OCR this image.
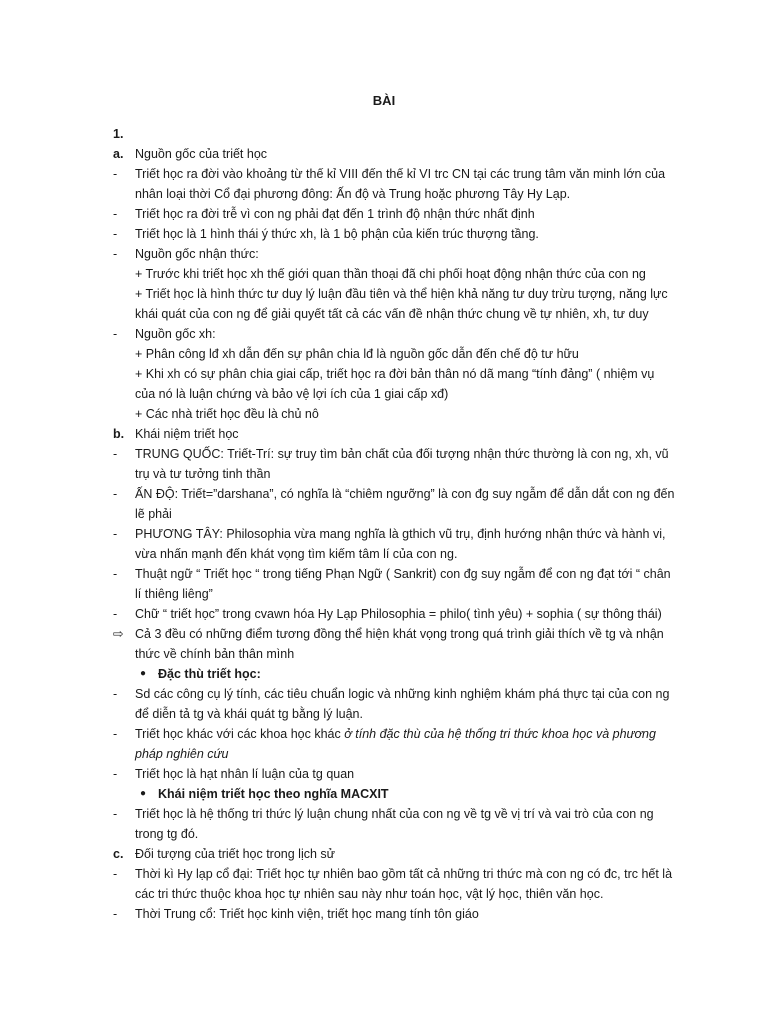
BÀI
1.
a. Nguồn gốc của triết học
- Triết học ra đời vào khoảng từ thế kỉ VIII đến thế kỉ VI trc CN tại các trung tâm văn minh lớn của
nhân loại thời Cổ đại phương đông: Ấn độ và Trung hoặc phương Tây Hy Lạp.
- Triết học ra đời trễ vì con ng phải đạt đến 1 trình độ nhận thức nhất định
- Triết học là 1 hình thái ý thức xh, là 1 bộ phận của kiến trúc thượng tầng.
- Nguồn gốc nhận thức:
+ Trước khi triết học xh thế giới quan thần thoại đã chi phối hoạt động nhận thức của con ng
+ Triết học là hình thức tư duy lý luận đầu tiên và thể hiện khả năng tư duy trừu tượng, năng lực
khái quát của con ng để giải quyết tất cả các vấn đề nhận thức chung về tự nhiên, xh, tư duy
- Nguồn gốc xh:
+ Phân công lđ xh dẫn đến sự phân chia lđ là nguồn gốc dẫn đến chế độ tư hữu
+ Khi xh có sự phân chia giai cấp, triết học ra đời bản thân nó dã mang “tính đảng” ( nhiệm vụ
của nó là luận chứng và bảo vệ lợi ích của 1 giai cấp xđ)
+ Các nhà triết học đều là chủ nô
b. Khái niệm triết học
- TRUNG QUỐC: Triết-Trí: sự truy tìm bản chất của đối tượng nhận thức thường là con ng, xh, vũ
trụ và tư tưởng tinh thần
- ẤN ĐỘ: Triết=”darshana”, có nghĩa là “chiêm ngưỡng” là con đg suy ngẫm để dẫn dắt con ng đến
lẽ phải
- PHƯƠNG TÂY: Philosophia vừa mang nghĩa là gthich vũ trụ, định hướng nhận thức và hành vi,
vừa nhấn mạnh đến khát vọng tìm kiếm tâm lí của con ng.
- Thuật ngữ “ Triết học “ trong tiếng Phạn Ngữ ( Sankrit) con đg suy ngẫm để con ng đạt tới “ chân
lí thiêng liêng”
- Chữ “ triết học” trong cvawn hóa Hy Lạp Philosophia = philo( tình yêu) + sophia ( sự thông thái)
⇨ Cả 3 đều có những điểm tương đồng thể hiện khát vọng trong quá trình giải thích về tg và nhận
thức về chính bản thân mình
● Đặc thù triết học:
- Sd các công cụ lý tính, các tiêu chuẩn logic và những kinh nghiệm khám phá thực tại của con ng
để diễn tả tg và khái quát tg bằng lý luận.
- Triết học khác với các khoa học khác ở tính đặc thù của hệ thống tri thức khoa học và phương
pháp nghiên cứu
- Triết học là hạt nhân lí luận của tg quan
● Khái niệm triết học theo nghĩa MACXIT
- Triết học là hệ thống tri thức lý luận chung nhất của con ng về tg về vị trí và vai trò của con ng
trong tg đó.
c. Đối tượng của triết học trong lịch sử
- Thời kì Hy lạp cổ đại: Triết học tự nhiên bao gồm tất cả những tri thức mà con ng có đc, trc hết là
các tri thức thuộc khoa học tự nhiên sau này như toán học, vật lý học, thiên văn học.
- Thời Trung cổ: Triết học kinh viện, triết học mang tính tôn giáo
